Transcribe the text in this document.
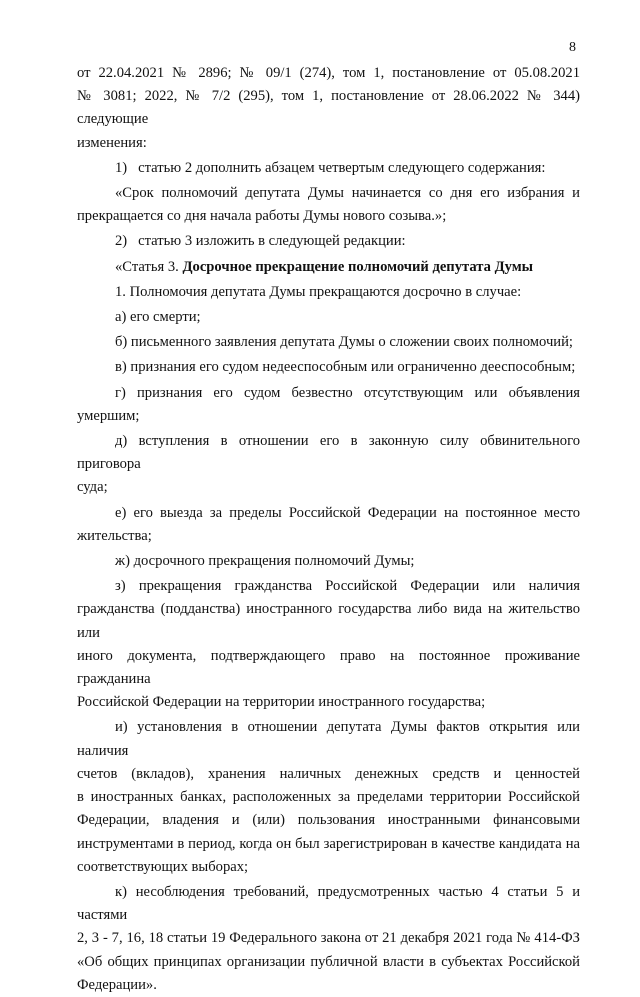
8

от 22.04.2021 № 2896; № 09/1 (274), том 1, постановление от 05.08.2021

№ 3081; 2022, № 7/2 (295), том 1, постановление от 28.06.2022 № 344) следующие

изменения:

1)   статью 2 дополнить абзацем четвертым следующего содержания:

«Срок полномочий депутата Думы начинается со дня его избрания и

прекращается со дня начала работы Думы нового созыва.»;

2)   статью 3 изложить в следующей редакции:

«Статья 3. Досрочное прекращение полномочий депутата Думы

1. Полномочия депутата Думы прекращаются досрочно в случае:

а) его смерти;

б) письменного заявления депутата Думы о сложении своих полномочий;

в) признания его судом недееспособным или ограниченно дееспособным;

г) признания его судом безвестно отсутствующим или объявления умершим;

д) вступления в отношении его в законную силу обвинительного приговора

суда;

е) его выезда за пределы Российской Федерации на постоянное место

жительства;

ж) досрочного прекращения полномочий Думы;

з) прекращения гражданства Российской Федерации или наличия

гражданства (подданства) иностранного государства либо вида на жительство или

иного документа, подтверждающего право на постоянное проживание гражданина

Российской Федерации на территории иностранного государства;

и) установления в отношении депутата Думы фактов открытия или наличия

счетов (вкладов), хранения наличных денежных средств и ценностей

в иностранных банках, расположенных за пределами территории Российской

Федерации, владения и (или) пользования иностранными финансовыми

инструментами в период, когда он был зарегистрирован в качестве кандидата на

соответствующих выборах;

к) несоблюдения требований, предусмотренных частью 4 статьи 5 и частями

2, 3 - 7, 16, 18 статьи 19 Федерального закона от 21 декабря 2021 года № 414-ФЗ

«Об общих принципах организации публичной власти в субъектах Российской

Федерации».
